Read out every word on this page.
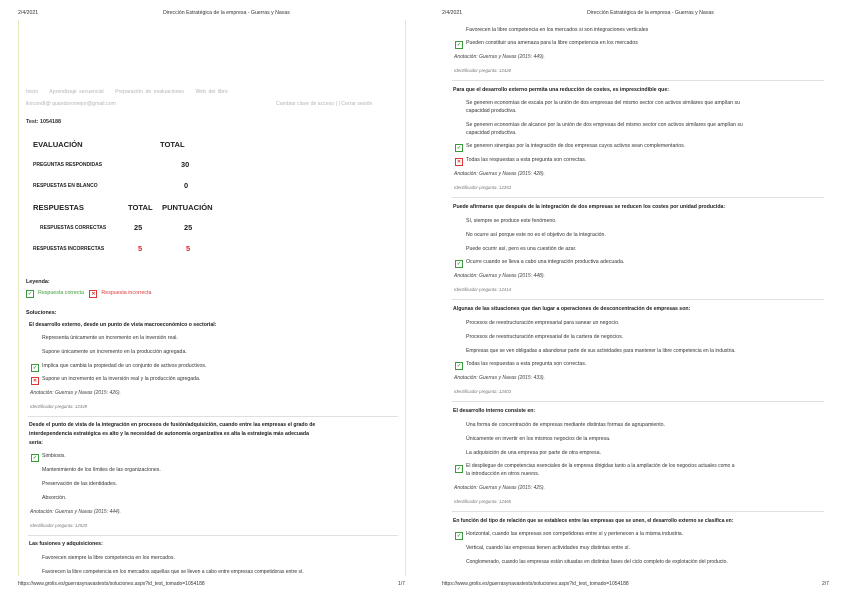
2/4/2021	Dirección Estratégica de la empresa - Guerras y Navas
Inicio Aprendizaje secuencial Preparación de evaluaciones Web del libro
llorcondl@ quandoromejor@gmail.com	Cambiar clave de acceso | | Cerrar sesión
Test: 1054188
EVALUACIÓN	TOTAL
PREGUNTAS RESPONDIDAS	30
RESPUESTAS EN BLANCO	0
RESPUESTAS	TOTAL PUNTUACIÓN
RESPUESTAS CORRECTAS	25	25
RESPUESTAS INCORRECTAS	5	5
Leyenda:
✓ Respuesta correcta ✕ Respuesta incorrecta
Soluciones:
El desarrollo externo, desde un punto de vista macroeconómico o sectorial:
Representa únicamente un incremento en la inversión real.
Supone únicamente un incremento en la producción agregada.
✓ Implica que cambia la propiedad de un conjunto de activos productivos.
✕ Supone un incremento en la inversión real y la producción agregada.
Anotación: Guerras y Navas (2015: 426).
Identificador pregunta: 12349
Desde el punto de vista de la integración en procesos de fusión/adquisición, cuando entre las empresas el grado de
interdependencia estratégica es alto y la necesidad de autonomía organizativa es alta la estrategia más adecuada
sería:
✓ Simbiosis.
Mantenimiento de los límites de las organizaciones.
Preservación de las identidades.
Absorción.
Anotación: Guerras y Navas (2015: 444).
Identificador pregunta: 12520
Las fusiones y adquisiciones:
Favorecen siempre la libre competencia en los mercados.
Favorecen la libre competencia en los mercados aquellas que se lleven a cabo entre empresas competidoras entre sí.
https://www.grolis.es/guerrasynavastests/soluciones.aspx?id_test_tomado=1054188	1/7
2/4/2021	Dirección Estratégica de la empresa - Guerras y Navas
Favorecen la libre competencia en los mercados si son integraciones verticales
✓ Pueden constituir una amenaza para la libre competencia en los mercados
Anotación: Guerras y Navas (2015: 449).
Identificador pregunta: 12420
Para que el desarrollo externo permita una reducción de costes, es imprescindible que:
Se generen economías de escala por la unión de dos empresas del mismo sector con activos similares que amplían su
capacidad productiva.
Se generen economías de alcance por la unión de dos empresas del mismo sector con activos similares que amplían su
capacidad productiva.
✓ Se generen sinergias por la integración de dos empresas cuyos activos sean complementarios.
✕ Todas las respuestas a esta pregunta son correctas.
Anotación: Guerras y Navas (2015: 428).
Identificador pregunta: 12353
Puede afirmarse que después de la integración de dos empresas se reducen los costes por unidad producida:
Sí, siempre se produce este fenómeno.
No ocurre así porque este no es el objetivo de la integración.
Puede ocurrir así, pero es una cuestión de azar.
✓ Ocurre cuando se lleva a cabo una integración productiva adecuada.
Anotación: Guerras y Navas (2015: 448).
Identificador pregunta: 12414
Algunas de las situaciones que dan lugar a operaciones de desconcentración de empresas son:
Procesos de reestructuración empresarial para sanear un negocio.
Procesos de reestructuración empresarial de la cartera de negocios.
Empresas que se ven obligadas a abandonar parte de sus actividades para mantener la libre competencia en la industria.
✓ Todas las respuestas a esta pregunta son correctas.
Anotación: Guerras y Navas (2015: 433).
Identificador pregunta: 12403
El desarrollo interno consiste en:
Una forma de concentración de empresas mediante distintas formas de agrupamiento.
Únicamente en invertir en los mismos negocios de la empresa.
La adquisición de una empresa por parte de otra empresa.
✓ El despliegue de competencias esenciales de la empresa dirigidas tanto a la ampliación de los negocios actuales como a
la introducción en otros nuevos.
Anotación: Guerras y Navas (2015: 425).
Identificador pregunta: 12465
En función del tipo de relación que se establece entre las empresas que se unen, el desarrollo externo se clasifica en:
✓ Horizontal, cuando las empresas son competidoras entre sí y pertenecen a la misma industria.
Vertical, cuando las empresas tienen actividades muy distintas entre sí.
Conglomerado, cuando las empresas están situadas en distintas fases del ciclo completo de explotación del producto.
https://www.grolis.es/guerrasynavastests/soluciones.aspx?id_test_tomado=1054188	2/7
